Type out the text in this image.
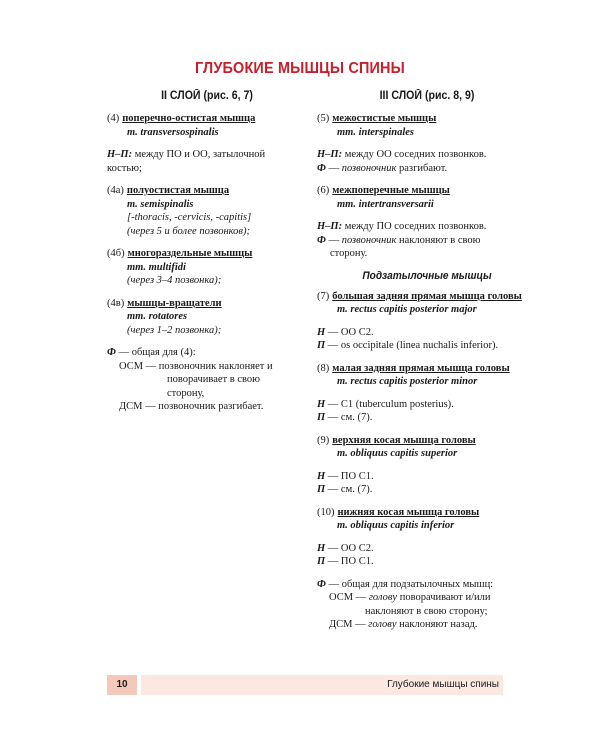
ГЛУБОКИЕ МЫШЦЫ СПИНЫ
II СЛОЙ (рис. 6, 7)
(4) поперечно-остистая мышца
m. transversospinalis
Н–П: между ПО и ОО, затылочной
костью;
(4а) полуостистая мышца
m. semispinalis
[-thoracis, -cervicis, -capitis]
(через 5 и более позвонков);
(4б) многораздельные мышцы
mm. multifidi
(через 3–4 позвонка);
(4в) мышцы-вращатели
mm. rotatores
(через 1–2 позвонка);
Ф — общая для (4):
ОСМ — позвоночник наклоняет и
поворачивает в свою
сторону,
ДСМ — позвоночник разгибает.
III СЛОЙ (рис. 8, 9)
(5) межостистые мышцы
mm. interspinales
Н–П: между ОО соседних позвонков.
Ф — позвоночник разгибают.
(6) межпоперечные мышцы
mm. intertransversarii
Н–П: между ПО соседних позвонков.
Ф — позвоночник наклоняют в свою
сторону.
Подзатылочные мышцы
(7) большая задняя прямая мышца головы
m. rectus capitis posterior major
Н — ОО C2.
П — os occipitale (linea nuchalis inferior).
(8) малая задняя прямая мышца головы
m. rectus capitis posterior minor
Н — C1 (tuberculum posterius).
П — см. (7).
(9) верхняя косая мышца головы
m. obliquus capitis superior
Н — ПО C1.
П — см. (7).
(10) нижняя косая мышца головы
m. obliquus capitis inferior
Н — ОО C2.
П — ПО C1.
Ф — общая для подзатылочных мышц:
ОСМ — голову поворачивают и/или
наклоняют в свою сторону;
ДСМ — голову наклоняют назад.
10	Глубокие мышцы спины
